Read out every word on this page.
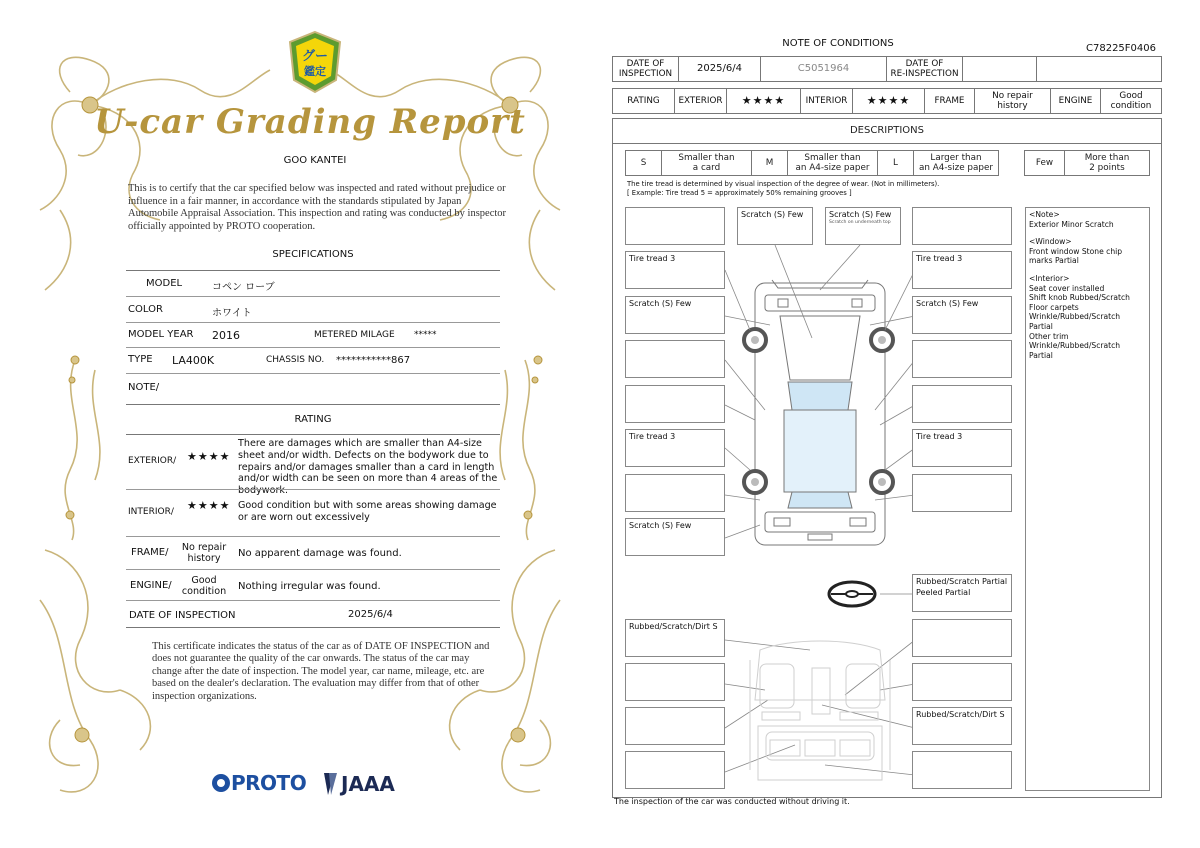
グー
鑑定
U-car Grading Report
GOO KANTEI
This is to certify that the car specified below was inspected and rated without prejudice or influence in a fair manner, in accordance with the standards stipulated by Japan Automobile Appraisal Association. This inspection and rating was conducted by inspector officially appointed by PROTO cooperation.
SPECIFICATIONS
MODEL	コペン ローブ
COLOR	ホワイト
MODEL YEAR 2016	METERED MILAGE *****
TYPE LA400K	CHASSIS NO. ***********867
NOTE/
RATING
EXTERIOR/ ★★★★
There are damages which are smaller than A4-size sheet and/or width. Defects on the bodywork due to repairs and/or damages smaller than a card in length and/or width can be seen on more than 4 areas of the bodywork.
INTERIOR/ ★★★★ Good condition but with some areas showing damage or are worn out excessively
FRAME/	No repair
history	No apparent damage was found.
ENGINE/	Good
condition	Nothing irregular was found.
DATE OF INSPECTION	2025/6/4
This certificate indicates the status of the car as of DATE OF INSPECTION and does not guarantee the quality of the car onwards. The status of the car may change after the date of inspection. The model year, car name, mileage, etc. are based on the dealer's declaration. The evaluation may differ from that of other inspection organizations.
PROTO	JAAA
NOTE OF CONDITIONS	C78225F0406
DATE OF
INSPECTION	2025/6/4	C5051964	DATE OF
RE-INSPECTION
RATING	EXTERIOR	★★★★	INTERIOR	★★★★	FRAME	No repair
history	ENGINE	Good
condition
DESCRIPTIONS
S	Smaller than
a card	M	Smaller than
an A4-size paper	L	Larger than
an A4-size paper	Few	More than
2 points
The tire tread is determined by visual inspection of the degree of wear. (Not in millimeters).
[ Example: Tire tread 5 = approximately 50% remaining grooves ]
Scratch (S) Few	Scratch (S) Few
Scratch on underneath top
Tire tread 3	Tire tread 3
Scratch (S) Few	Scratch (S) Few
Tire tread 3	Tire tread 3
Scratch (S) Few
Rubbed/Scratch Partial
Peeled Partial
Rubbed/Scratch/Dirt S
Rubbed/Scratch/Dirt S
<Note>
Exterior Minor Scratch
<Window>
Front window Stone chip marks Partial
<Interior>
Seat cover installed
Shift knob Rubbed/Scratch
Floor carpets
Wrinkle/Rubbed/Scratch
Partial
Other trim
Wrinkle/Rubbed/Scratch
Partial
The inspection of the car was conducted without driving it.
